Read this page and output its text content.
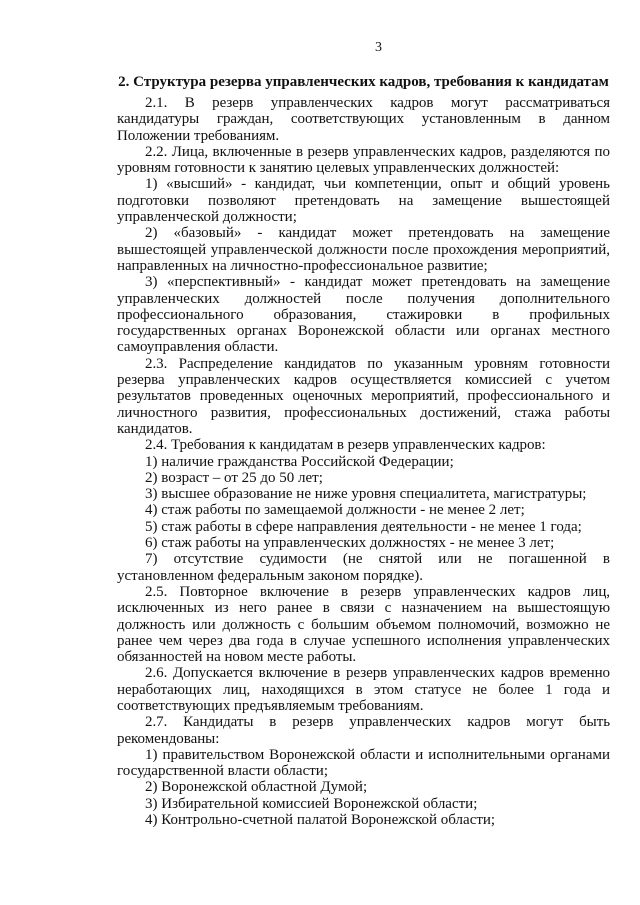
3
2. Структура резерва управленческих кадров, требования к кандидатам

2.1. В резерв управленческих кадров могут рассматриваться кандидатуры граждан, соответствующих установленным в данном Положении требованиям.

2.2. Лица, включенные в резерв управленческих кадров, разделяются по уровням готовности к занятию целевых управленческих должностей:

1) «высший» - кандидат, чьи компетенции, опыт и общий уровень подготовки позволяют претендовать на замещение вышестоящей управленческой должности;

2) «базовый» - кандидат может претендовать на замещение вышестоящей управленческой должности после прохождения мероприятий, направленных на личностно-профессиональное развитие;

3) «перспективный» - кандидат может претендовать на замещение управленческих должностей после получения дополнительного профессионального образования, стажировки в профильных государственных органах Воронежской области или органах местного самоуправления области.

2.3. Распределение кандидатов по указанным уровням готовности резерва управленческих кадров осуществляется комиссией с учетом результатов проведенных оценочных мероприятий, профессионального и личностного развития, профессиональных достижений, стажа работы кандидатов.

2.4. Требования к кандидатам в резерв управленческих кадров:

1) наличие гражданства Российской Федерации;

2) возраст – от 25 до 50 лет;

3) высшее образование не ниже уровня специалитета, магистратуры;

4) стаж работы по замещаемой должности - не менее 2 лет;

5) стаж работы в сфере направления деятельности - не менее 1 года;

6) стаж работы на управленческих должностях - не менее 3 лет;

7) отсутствие судимости (не снятой или не погашенной в установленном федеральным законом порядке).

2.5. Повторное включение в резерв управленческих кадров лиц, исключенных из него ранее в связи с назначением на вышестоящую должность или должность с большим объемом полномочий, возможно не ранее чем через два года в случае успешного исполнения управленческих обязанностей на новом месте работы.

2.6. Допускается включение в резерв управленческих кадров временно неработающих лиц, находящихся в этом статусе не более 1 года и соответствующих предъявляемым требованиям.

2.7. Кандидаты в резерв управленческих кадров могут быть рекомендованы:

1) правительством Воронежской области и исполнительными органами государственной власти области;

2) Воронежской областной Думой;

3) Избирательной комиссией Воронежской области;

4) Контрольно-счетной палатой Воронежской области;
